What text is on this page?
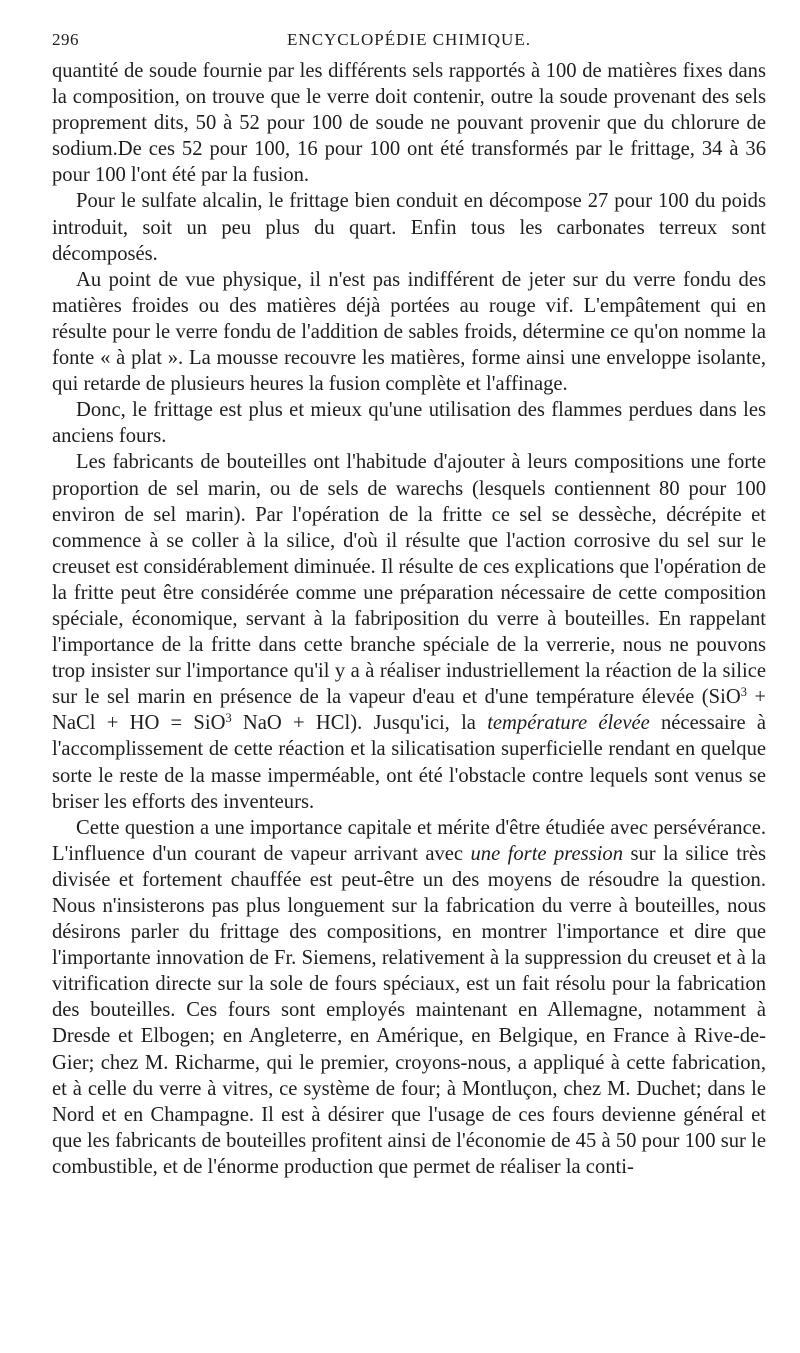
296	ENCYCLOPÉDIE CHIMIQUE.

quantité de soude fournie par les différents sels rapportés à 100 de matières fixes dans la composition, on trouve que le verre doit contenir, outre la soude provenant des sels proprement dits, 50 à 52 pour 100 de soude ne pouvant provenir que du chlorure de sodium.De ces 52 pour 100, 16 pour 100 ont été transformés par le frittage, 34 à 36 pour 100 l'ont été par la fusion.

Pour le sulfate alcalin, le frittage bien conduit en décompose 27 pour 100 du poids introduit, soit un peu plus du quart. Enfin tous les carbonates terreux sont décomposés.

Au point de vue physique, il n'est pas indifférent de jeter sur du verre fondu des matières froides ou des matières déjà portées au rouge vif. L'empâtement qui en résulte pour le verre fondu de l'addition de sables froids, détermine ce qu'on nomme la fonte « à plat ». La mousse recouvre les matières, forme ainsi une enveloppe isolante, qui retarde de plusieurs heures la fusion complète et l'affinage.

Donc, le frittage est plus et mieux qu'une utilisation des flammes perdues dans les anciens fours.

Les fabricants de bouteilles ont l'habitude d'ajouter à leurs compositions une forte proportion de sel marin, ou de sels de warechs (lesquels contiennent 80 pour 100 environ de sel marin). Par l'opération de la fritte ce sel se dessèche, décrépite et commence à se coller à la silice, d'où il résulte que l'action corrosive du sel sur le creuset est considérablement diminuée. Il résulte de ces explications que l'opération de la fritte peut être considérée comme une préparation nécessaire de cette composition spéciale, économique, servant à la fabriposition du verre à bouteilles. En rappelant l'importance de la fritte dans cette branche spéciale de la verrerie, nous ne pouvons trop insister sur l'importance qu'il y a à réaliser industriellement la réaction de la silice sur le sel marin en présence de la vapeur d'eau et d'une température élevée (SiO$^3$ + NaCl + HO = SiO$^3$ NaO + HCl). Jusqu'ici, la température élevée nécessaire à l'accomplissement de cette réaction et la silicatisation superficielle rendant en quelque sorte le reste de la masse imperméable, ont été l'obstacle contre lequels sont venus se briser les efforts des inventeurs.

Cette question a une importance capitale et mérite d'être étudiée avec persévérance. L'influence d'un courant de vapeur arrivant avec une forte pression sur la silice très divisée et fortement chauffée est peut-être un des moyens de résoudre la question. Nous n'insisterons pas plus longuement sur la fabrication du verre à bouteilles, nous désirons parler du frittage des compositions, en montrer l'importance et dire que l'importante innovation de Fr. Siemens, relativement à la suppression du creuset et à la vitrification directe sur la sole de fours spéciaux, est un fait résolu pour la fabrication des bouteilles. Ces fours sont employés maintenant en Allemagne, notamment à Dresde et Elbogen; en Angleterre, en Amérique, en Belgique, en France à Rive-de-Gier; chez M. Richarme, qui le premier, croyons-nous, a appliqué à cette fabrication, et à celle du verre à vitres, ce système de four; à Montluçon, chez M. Duchet; dans le Nord et en Champagne. Il est à désirer que l'usage de ces fours devienne général et que les fabricants de bouteilles profitent ainsi de l'économie de 45 à 50 pour 100 sur le combustible, et de l'énorme production que permet de réaliser la conti-
